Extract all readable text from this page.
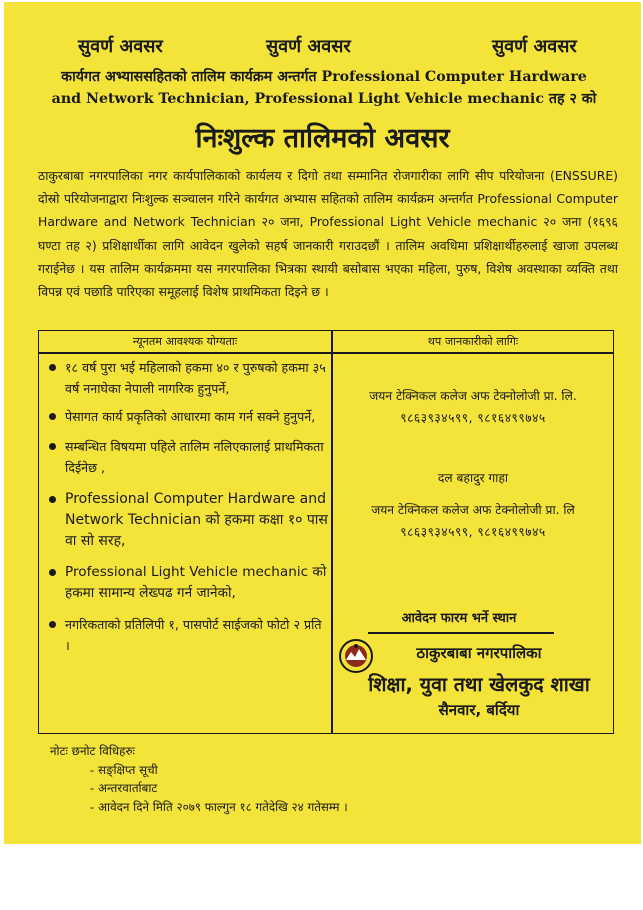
सुवर्ण अवसर	सुवर्ण अवसर	सुवर्ण अवसर
कार्यगत अभ्याससहितको तालिम कार्यक्रम अन्तर्गत Professional Computer Hardware
and Network Technician, Professional Light Vehicle mechanic तह २ को
निःशुल्क तालिमको अवसर
ठाकुरबाबा नगरपालिका नगर कार्यपालिकाको कार्यलय र दिगो तथा सम्मानित रोजगारीका लागि सीप परियोजना (ENSSURE) दोस्रो परियोजनाद्वारा निःशुल्क सञ्चालन गरिने कार्यगत अभ्यास सहितको तालिम कार्यक्रम अन्तर्गत Professional Computer Hardware and Network Technician २० जना, Professional Light Vehicle mechanic २० जना (१६९६ घण्टा तह २) प्रशिक्षार्थीका लागि आवेदन खुलेको सहर्ष जानकारी गराउदछौं । तालिम अवधिमा प्रशिक्षार्थीहरुलाई खाजा उपलब्ध गराईनेछ । यस तालिम कार्यक्रममा यस नगरपालिका भित्रका स्थायी बसोबास भएका महिला, पुरुष, विशेष अवस्थाका व्यक्ति तथा विपन्न एवं पछाडि पारिएका समूहलाई विशेष प्राथमिकता दिइने छ ।
न्यूनतम आवश्यक योग्यताः	थप जानकारीको लागिः
१८ वर्ष पुरा भई महिलाको हकमा ४० र पुरुषको हकमा ३५ वर्ष ननाघेका नेपाली नागरिक हुनुपर्ने,
पेसागत कार्य प्रकृतिको आधारमा काम गर्न सक्ने हुनुपर्ने,
सम्बन्धित विषयमा पहिले तालिम नलिएकालाई प्राथमिकता दिईनेछ ,
Professional Computer Hardware and Network Technician को हकमा कक्षा १० पास वा सो सरह,
Professional Light Vehicle mechanic को हकमा सामान्य लेख्पढ गर्न जानेको,
नगरिकताको प्रतिलिपी १, पासपोर्ट साईजको फोटो २ प्रति ।
जयन टेक्निकल कलेज अफ टेक्नोलोजी प्रा. लि.
९८६३९३४५९९, ९८१६४९९७४५
दल बहादुर गाहा
जयन टेक्निकल कलेज अफ टेक्नोलोजी प्रा. लि
९८६३९३४५९९, ९८१६४९९७४५
आवेदन फारम भर्ने स्थान
ठाकुरबाबा नगरपालिका
शिक्षा, युवा तथा खेलकुद शाखा
सैनवार, बर्दिया
नोटः छनोट विधिहरुः
- सङ्क्षिप्त सूची
- अन्तरवार्ताबाट
- आवेदन दिने मिति २०७९ फाल्गुन १८ गतेदेखि २४ गतेसम्म ।
